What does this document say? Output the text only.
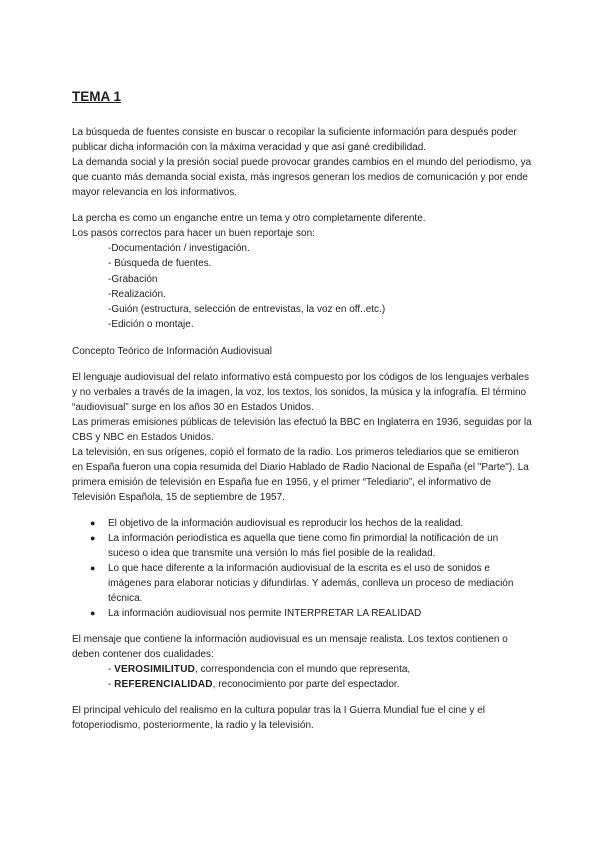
TEMA 1

La búsqueda de fuentes consiste en buscar o recopilar la suficiente información para después poder publicar dicha información con la máxima veracidad y que así gané credibilidad.

La demanda social y la presión social puede provocar grandes cambios en el mundo del periodismo, ya que cuanto más demanda social exista, más ingresos generan los medios de comunicación y por ende mayor relevancia en los informativos.

La percha es como un enganche entre un tema y otro completamente diferente.

Los pasos correctos para hacer un buen reportaje son:

-Documentación / investigación.
- Búsqueda de fuentes.
-Grabación
-Realización.
-Guión (estructura, selección de entrevistas, la voz en off..etc.)
-Edición o montaje.

Concepto Teórico de Información Audiovisual

El lenguaje audiovisual del relato informativo está compuesto por los códigos de los lenguajes verbales y no verbales a través de la imagen, la voz, los textos, los sonidos, la música y la infografía. El término “audiovisual” surge en los años 30 en Estados Unidos.

Las primeras emisiones públicas de televisión las efectuó la BBC en Inglaterra en 1936, seguidas por la CBS y NBC en Estados Unidos.

La televisión, en sus orígenes, copió el formato de la radio. Los primeros telediarios que se emitieron en España fueron una copia resumida del Diario Hablado de Radio Nacional de España (el "Parte"). La primera emisión de televisión en España fue en 1956, y el primer “Telediario”, el informativo de Televisión Española, 15 de septiembre de 1957.

● El objetivo de la información audiovisual es reproducir los hechos de la realidad.
● La información periodística es aquella que tiene como fin primordial la notificación de un suceso o idea que transmite una versión lo más fiel posible de la realidad.
● Lo que hace diferente a la información audiovisual de la escrita es el uso de sonidos e imágenes para elaborar noticias y difundirlas. Y además, conlleva un proceso de mediación técnica.
● La información audiovisual nos permite INTERPRETAR LA REALIDAD

El mensaje que contiene la información audiovisual es un mensaje realista. Los textos contienen o deben contener dos cualidades:

- VEROSIMILITUD, correspondencia con el mundo que representa,
- REFERENCIALIDAD, reconocimiento por parte del espectador.

El principal vehículo del realismo en la cultura popular tras la I Guerra Mundial fue el cine y el fotoperiodismo, posteriormente, la radio y la televisión.
